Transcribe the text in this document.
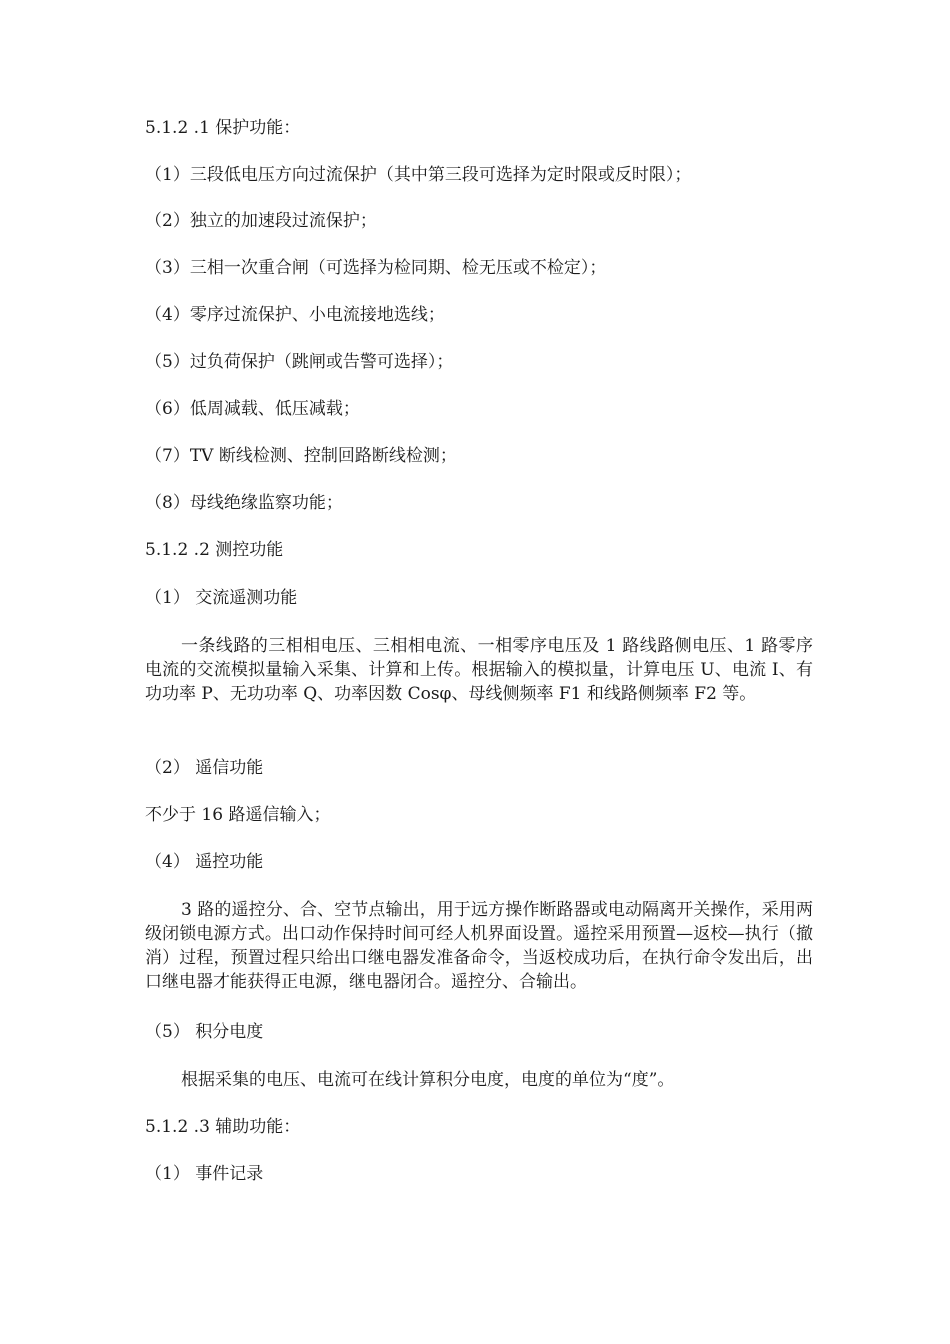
5.1.2 .1 保护功能：
（1）三段低电压方向过流保护（其中第三段可选择为定时限或反时限）；
（2）独立的加速段过流保护；
（3）三相一次重合闸（可选择为检同期、检无压或不检定）；
（4）零序过流保护、小电流接地选线；
（5）过负荷保护（跳闸或告警可选择）；
（6）低周减载、低压减载；
（7）TV 断线检测、控制回路断线检测；
（8）母线绝缘监察功能；
5.1.2 .2 测控功能
（1） 交流遥测功能
一条线路的三相相电压、三相相电流、一相零序电压及 1 路线路侧电压、1 路零序电流的交流模拟量输入采集、计算和上传。根据输入的模拟量，计算电压 U、电流 I、有功功率 P、无功功率 Q、功率因数 Cosφ、母线侧频率 F1 和线路侧频率 F2 等。
（2） 遥信功能
不少于 16 路遥信输入；
（4） 遥控功能
3 路的遥控分、合、空节点输出，用于远方操作断路器或电动隔离开关操作，采用两级闭锁电源方式。出口动作保持时间可经人机界面设置。遥控采用预置—返校—执行（撤消）过程，预置过程只给出口继电器发准备命令，当返校成功后，在执行命令发出后，出口继电器才能获得正电源，继电器闭合。遥控分、合输出。
（5） 积分电度
根据采集的电压、电流可在线计算积分电度，电度的单位为“度”。
5.1.2 .3 辅助功能：
（1） 事件记录
